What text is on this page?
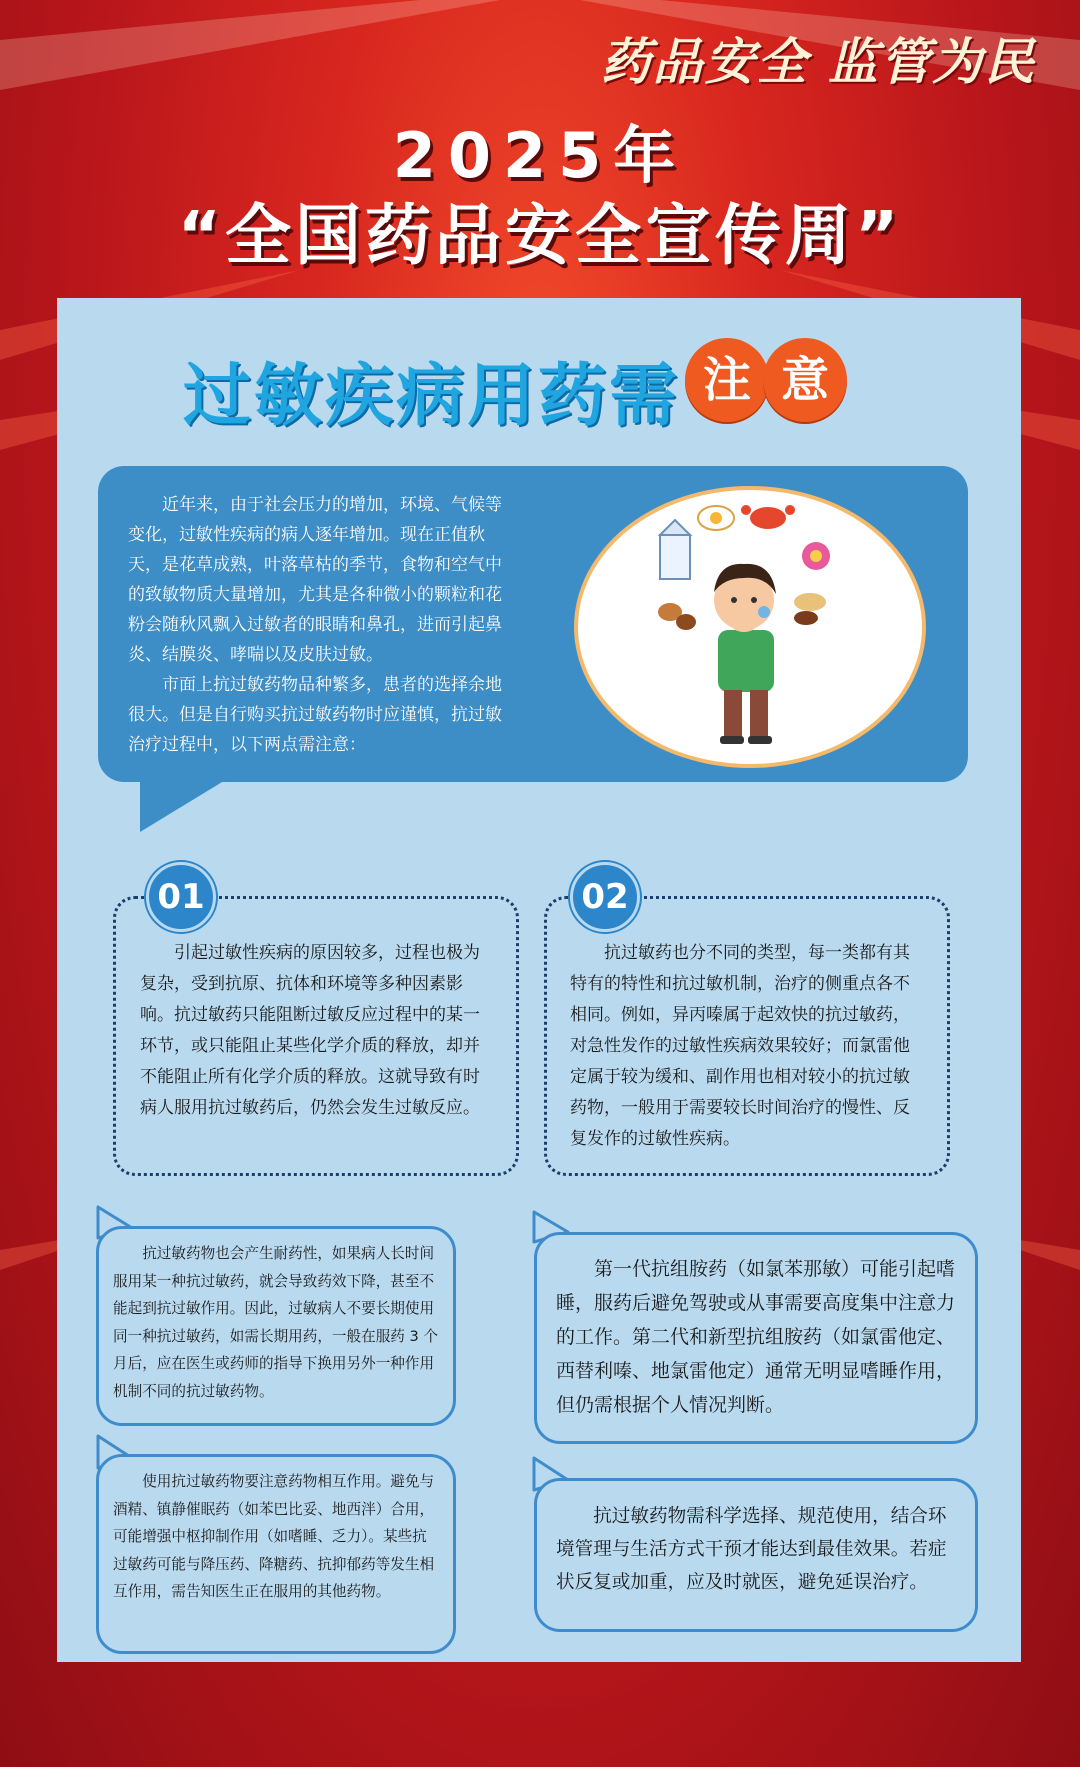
药品安全 监管为民
2025年
“全国药品安全宣传周”
过敏疾病用药需 注 意

近年来，由于社会压力的增加，环境、气候等变化，过敏性疾病的病人逐年增加。现在正值秋天，是花草成熟，叶落草枯的季节，食物和空气中的致敏物质大量增加，尤其是各种微小的颗粒和花粉会随秋风飘入过敏者的眼睛和鼻孔，进而引起鼻炎、结膜炎、哮喘以及皮肤过敏。

市面上抗过敏药物品种繁多，患者的选择余地很大。但是自行购买抗过敏药物时应谨慎，抗过敏治疗过程中，以下两点需注意：

01

引起过敏性疾病的原因较多，过程也极为复杂，受到抗原、抗体和环境等多种因素影响。抗过敏药只能阻断过敏反应过程中的某一环节，或只能阻止某些化学介质的释放，却并不能阻止所有化学介质的释放。这就导致有时病人服用抗过敏药后，仍然会发生过敏反应。

02

抗过敏药也分不同的类型，每一类都有其特有的特性和抗过敏机制，治疗的侧重点各不相同。例如，异丙嗪属于起效快的抗过敏药，对急性发作的过敏性疾病效果较好；而氯雷他定属于较为缓和、副作用也相对较小的抗过敏药物，一般用于需要较长时间治疗的慢性、反复发作的过敏性疾病。

抗过敏药物也会产生耐药性，如果病人长时间服用某一种抗过敏药，就会导致药效下降，甚至不能起到抗过敏作用。因此，过敏病人不要长期使用同一种抗过敏药，如需长期用药，一般在服药 3 个月后，应在医生或药师的指导下换用另外一种作用机制不同的抗过敏药物。

第一代抗组胺药（如氯苯那敏）可能引起嗜睡，服药后避免驾驶或从事需要高度集中注意力的工作。第二代和新型抗组胺药（如氯雷他定、西替利嗪、地氯雷他定）通常无明显嗜睡作用，但仍需根据个人情况判断。

使用抗过敏药物要注意药物相互作用。避免与酒精、镇静催眠药（如苯巴比妥、地西泮）合用，可能增强中枢抑制作用（如嗜睡、乏力）。某些抗过敏药可能与降压药、降糖药、抗抑郁药等发生相互作用，需告知医生正在服用的其他药物。

抗过敏药物需科学选择、规范使用，结合环境管理与生活方式干预才能达到最佳效果。若症状反复或加重，应及时就医，避免延误治疗。
